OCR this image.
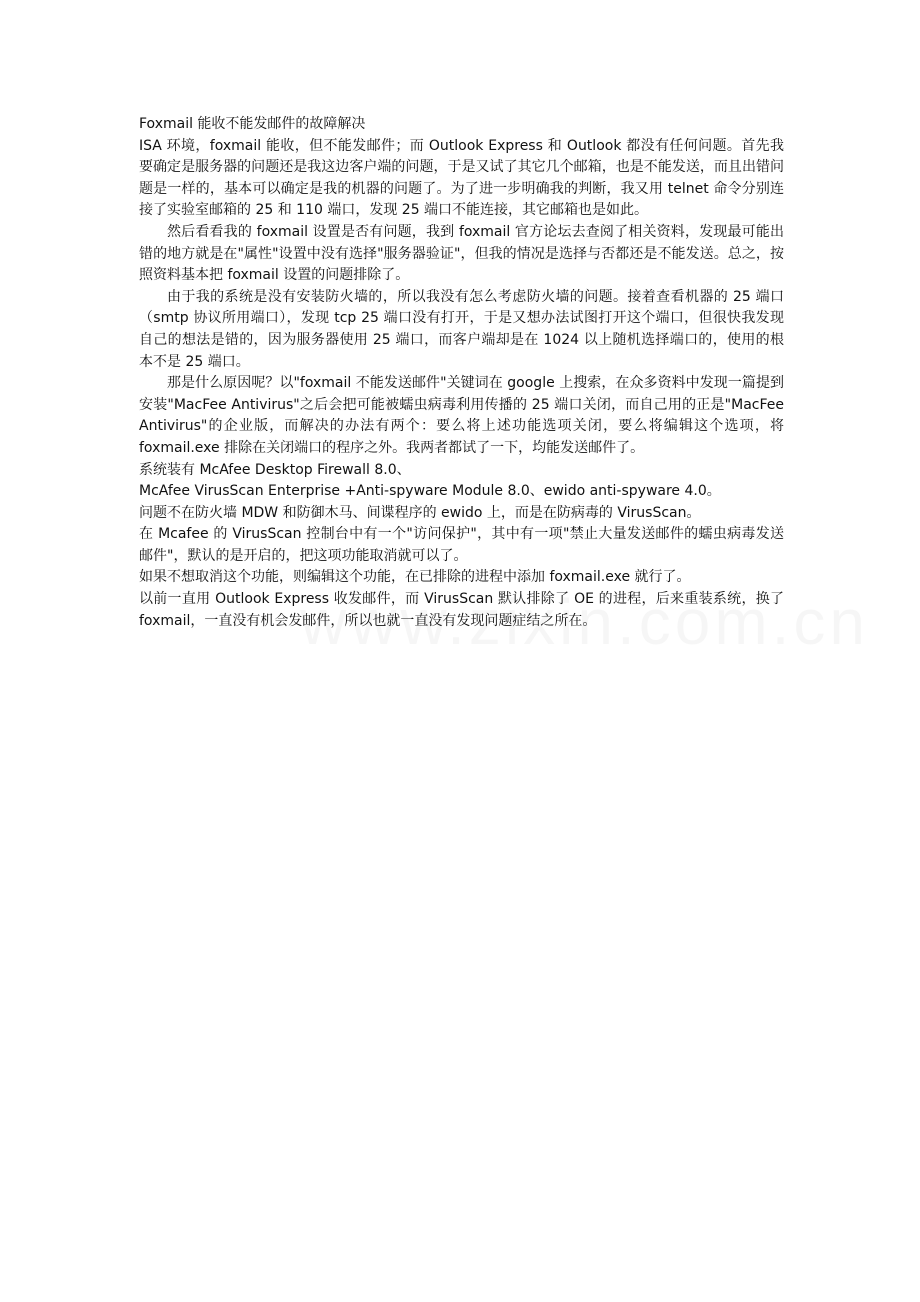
Foxmail 能收不能发邮件的故障解决

ISA 环境，foxmail 能收，但不能发邮件；而 Outlook Express 和 Outlook 都没有任何问题。首先我要确定是服务器的问题还是我这边客户端的问题，于是又试了其它几个邮箱，也是不能发送，而且出错问题是一样的，基本可以确定是我的机器的问题了。为了进一步明确我的判断，我又用 telnet 命令分别连接了实验室邮箱的 25 和 110 端口，发现 25 端口不能连接，其它邮箱也是如此。

然后看看我的 foxmail 设置是否有问题，我到 foxmail 官方论坛去查阅了相关资料，发现最可能出错的地方就是在"属性"设置中没有选择"服务器验证"，但我的情况是选择与否都还是不能发送。总之，按照资料基本把 foxmail 设置的问题排除了。

由于我的系统是没有安装防火墙的，所以我没有怎么考虑防火墙的问题。接着查看机器的 25 端口（smtp 协议所用端口），发现 tcp 25 端口没有打开，于是又想办法试图打开这个端口，但很快我发现自己的想法是错的，因为服务器使用 25 端口，而客户端却是在 1024 以上随机选择端口的，使用的根本不是 25 端口。

那是什么原因呢？以"foxmail 不能发送邮件"关键词在 google 上搜索，在众多资料中发现一篇提到安装"MacFee Antivirus"之后会把可能被蠕虫病毒利用传播的 25 端口关闭，而自己用的正是"MacFee Antivirus"的企业版，而解决的办法有两个：要么将上述功能选项关闭，要么将编辑这个选项，将 foxmail.exe 排除在关闭端口的程序之外。我两者都试了一下，均能发送邮件了。

系统装有 McAfee Desktop Firewall 8.0、

McAfee VirusScan Enterprise +Anti-spyware Module 8.0、ewido anti-spyware 4.0。

问题不在防火墙 MDW 和防御木马、间谍程序的 ewido 上，而是在防病毒的 VirusScan。

在 Mcafee 的 VirusScan 控制台中有一个"访问保护"，其中有一项"禁止大量发送邮件的蠕虫病毒发送邮件"，默认的是开启的，把这项功能取消就可以了。

如果不想取消这个功能，则编辑这个功能，在已排除的进程中添加 foxmail.exe 就行了。

以前一直用 Outlook Express 收发邮件，而 VirusScan 默认排除了 OE 的进程，后来重装系统，换了 foxmail，一直没有机会发邮件，所以也就一直没有发现问题症结之所在。
